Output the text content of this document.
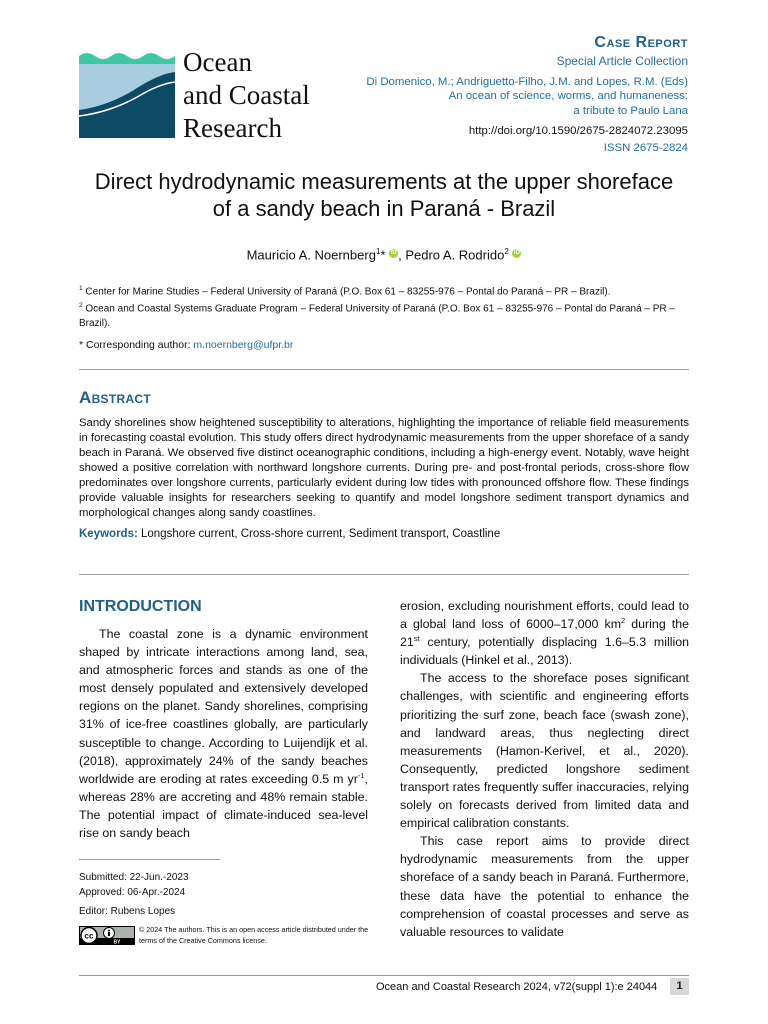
Ocean
and Coastal
Research
Case Report
Special Article Collection
Di Domenico, M.; Andriguetto-Filho, J.M. and Lopes, R.M. (Eds)
An ocean of science, worms, and humaneness:
a tribute to Paulo Lana
http://doi.org/10.1590/2675-2824072.23095
ISSN 2675-2824
Direct hydrodynamic measurements at the upper shoreface
of a sandy beach in Paraná - Brazil
Mauricio A. Noernberg$^1$* iD , Pedro A. Rodrido$^2$ iD

$^1$ Center for Marine Studies – Federal University of Paraná (P.O. Box 61 – 83255-976 – Pontal do Paraná – PR – Brazil).

$^2$ Ocean and Coastal Systems Graduate Program – Federal University of Paraná (P.O. Box 61 – 83255-976 – Pontal do Paraná – PR – Brazil).

* Corresponding author: m.noernberg@ufpr.br
Abstract
Sandy shorelines show heightened susceptibility to alterations, highlighting the importance of reliable field measurements in forecasting coastal evolution. This study offers direct hydrodynamic measurements from the upper shoreface of a sandy beach in Paraná. We observed five distinct oceanographic conditions, including a high-energy event. Notably, wave height showed a positive correlation with northward longshore currents. During pre- and post-frontal periods, cross-shore flow predominates over longshore currents, particularly evident during low tides with pronounced offshore flow. These findings provide valuable insights for researchers seeking to quantify and model longshore sediment transport dynamics and morphological changes along sandy coastlines.
Keywords: Longshore current, Cross-shore current, Sediment transport, Coastline
INTRODUCTION

The coastal zone is a dynamic environment shaped by intricate interactions among land, sea, and atmospheric forces and stands as one of the most densely populated and extensively developed regions on the planet. Sandy shorelines, comprising 31% of ice-free coastlines globally, are particularly susceptible to change. According to Luijendijk et al. (2018), approximately 24% of the sandy beaches worldwide are eroding at rates exceeding 0.5 m $yr^{-1}$, whereas 28% are accreting and 48% remain stable. The potential impact of climate-induced sea-level rise on sandy beach

erosion, excluding nourishment efforts, could lead to a global land loss of 6000–17,000 $km^2$ during the 21st century, potentially displacing 1.6–5.3 million individuals (Hinkel et al., 2013).

The access to the shoreface poses significant challenges, with scientific and engineering efforts prioritizing the surf zone, beach face (swash zone), and landward areas, thus neglecting direct measurements (Hamon-Kerivel, et al., 2020). Consequently, predicted longshore sediment transport rates frequently suffer inaccuracies, relying solely on forecasts derived from limited data and empirical calibration constants.

This case report aims to provide direct hydrodynamic measurements from the upper shoreface of a sandy beach in Paraná. Furthermore, these data have the potential to enhance the comprehension of coastal processes and serve as valuable resources to validate

Submitted: 22-Jun.-2023
Approved: 06-Apr.-2024
Editor: Rubens Lopes
cc
BY
© 2024 The authors. This is an open access article distributed under the terms of the Creative Commons license.
Ocean and Coastal Research 2024, v72(suppl 1):e 24044	1
